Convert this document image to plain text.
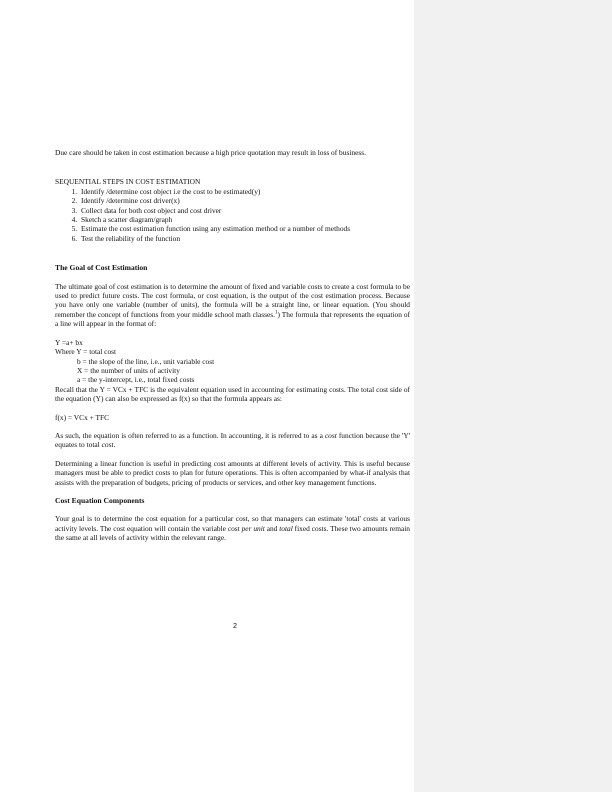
Due care should be taken in cost estimation because a high price quotation may result in loss of business.

SEQUENTIAL STEPS IN COST ESTIMATION
1. Identify /determine cost object i.e the cost to be estimated(y)
2. Identify /determine cost driver(x)
3. Collect data for both cost object and cost driver
4. Sketch a scatter diagram/graph
5. Estimate the cost estimation function using any estimation method or a number of methods
6. Test the reliability of the function
The Goal of Cost Estimation

The ultimate goal of cost estimation is to determine the amount of fixed and variable costs to create a cost formula to be used to predict future costs. The cost formula, or cost equation, is the output of the cost estimation process. Because you have only one variable (number of units), the formula will be a straight line, or linear equation. (You should remember the concept of functions from your middle school math classes.$^1$) The formula that represents the equation of a line will appear in the format of:

Y =a+ bx
Where Y = total cost
b = the slope of the line, i.e., unit variable cost
X = the number of units of activity
a = the y-intercept, i.e., total fixed costs

Recall that the Y = VCx + TFC is the equivalent equation used in accounting for estimating costs. The total cost side of the equation (Y) can also be expressed as f(x) so that the formula appears as:

f(x) = VCx + TFC

As such, the equation is often referred to as a function. In accounting, it is referred to as a cost function because the 'Y' equates to total cost.

Determining a linear function is useful in predicting cost amounts at different levels of activity. This is useful because managers must be able to predict costs to plan for future operations. This is often accompanied by what-if analysis that assists with the preparation of budgets, pricing of products or services, and other key management functions.

Cost Equation Components

Your goal is to determine the cost equation for a particular cost, so that managers can estimate 'total' costs at various activity levels. The cost equation will contain the variable cost per unit and total fixed costs. These two amounts remain the same at all levels of activity within the relevant range.

2
